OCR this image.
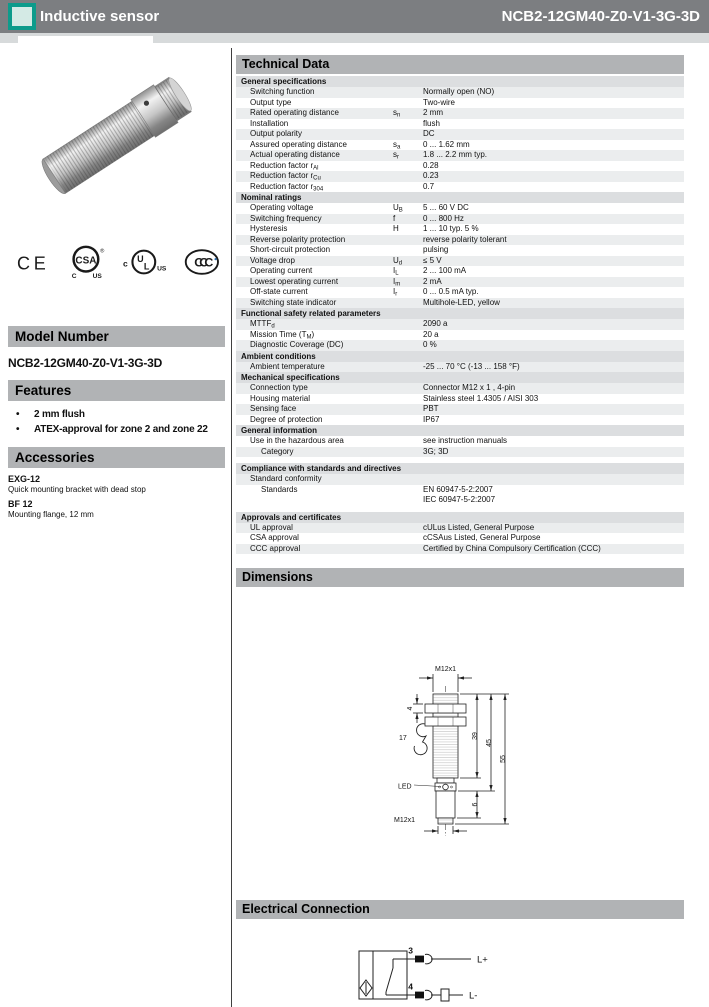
Inductive sensor	NCB2-12GM40-Z0-V1-3G-3D
CE CSA
®
C US
c U
L US CCC
Model Number
NCB2-12GM40-Z0-V1-3G-3D
Features
• 2 mm flush
• ATEX-approval for zone 2 and zone 22
Accessories
EXG-12
Quick mounting bracket with dead stop
BF 12
Mounting flange, 12 mm
Technical Data
General specifications
Switching function	Normally open (NO)
Output type	Two-wire
Rated operating distance	$s_n$	2 mm
Installation	flush
Output polarity	DC
Assured operating distance	$s_a$	0 ... 1.62 mm
Actual operating distance	$s_r$	1.8 ... 2.2 mm typ.
Reduction factor $r_{Al}$	0.28
Reduction factor $r_{Cu}$	0.23
Reduction factor $r_{304}$	0.7
Nominal ratings
Operating voltage	$U_B$	5 ... 60 V DC
Switching frequency	f	0 ... 800 Hz
Hysteresis	H	1 ... 10 typ. 5 %
Reverse polarity protection	reverse polarity tolerant
Short-circuit protection	pulsing
Voltage drop	$U_d$	≤ 5 V
Operating current	$I_L$	2 ... 100 mA
Lowest operating current	$I_m$	2 mA
Off-state current	$I_r$	0 ... 0.5 mA typ.
Switching state indicator	Multihole-LED, yellow
Functional safety related parameters
$MTTF_d$	2090 a
Mission Time $(T_M)$	20 a
Diagnostic Coverage (DC)	0 %
Ambient conditions
Ambient temperature	-25 ... 70 °C (-13 ... 158 °F)
Mechanical specifications
Connection type	Connector M12 x 1 , 4-pin
Housing material	Stainless steel 1.4305 / AISI 303
Sensing face	PBT
Degree of protection	IP67
General information
Use in the hazardous area	see instruction manuals
Category	3G; 3D
Compliance with standards and directives
Standard conformity
Standards	EN 60947-5-2:2007
IEC 60947-5-2:2007
Approvals and certificates
UL approval	cULus Listed, General Purpose
CSA approval	cCSAus Listed, General Purpose
CCC approval	Certified by China Compulsory Certification (CCC)
Dimensions
M12x1
4
17	39
45
55
6
LED
M12x1
Electrical Connection
3
4
L+
L-
